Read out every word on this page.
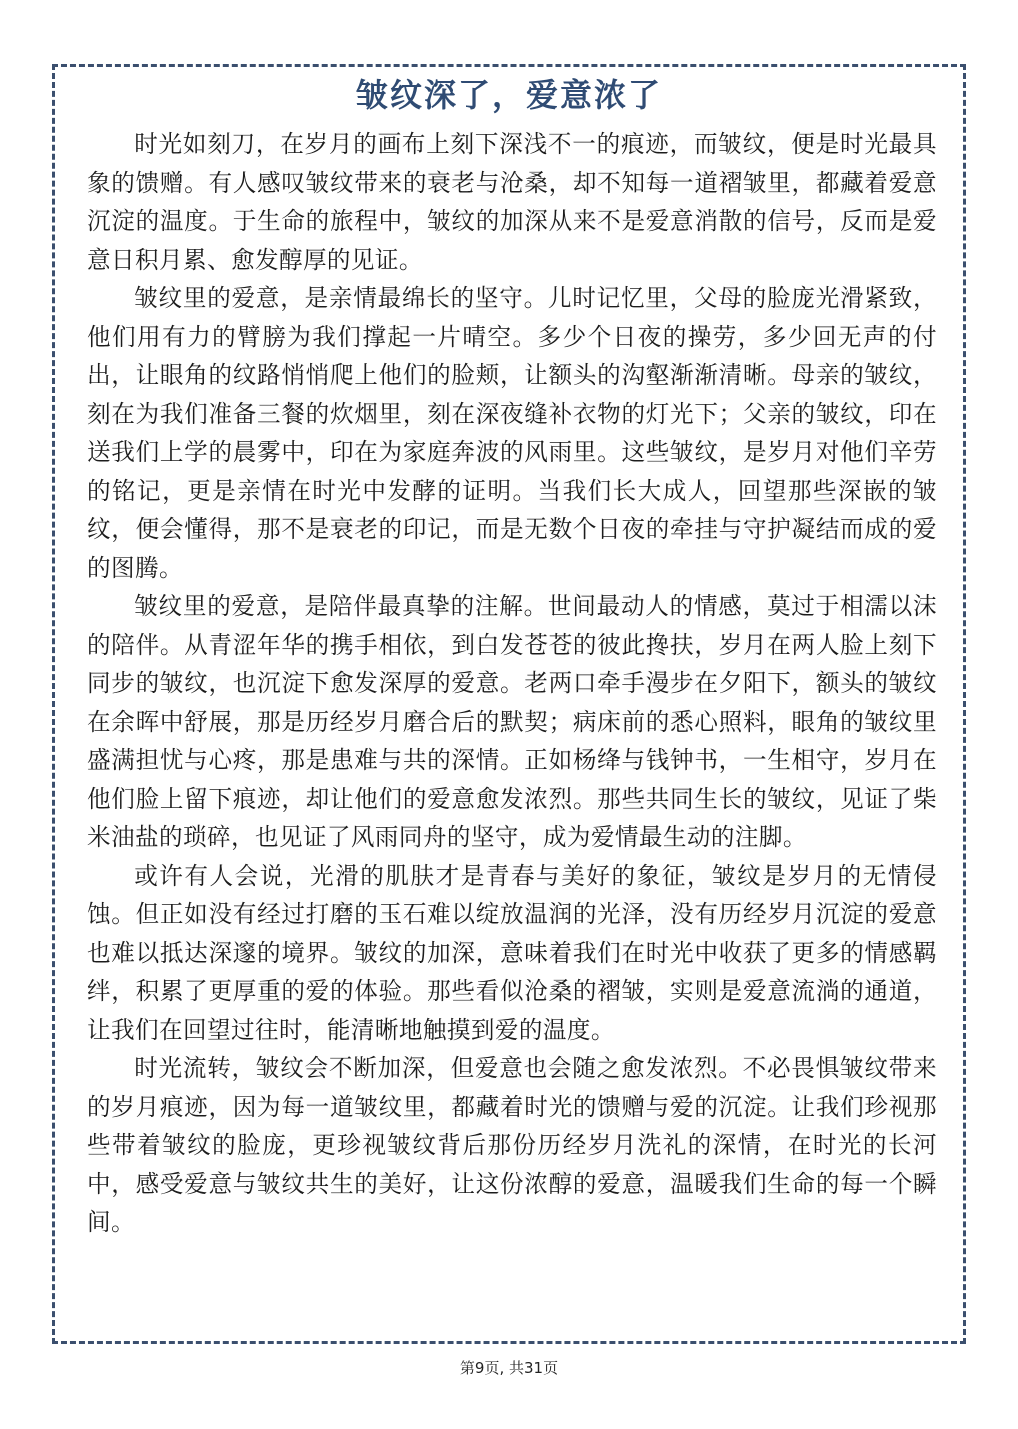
皱纹深了，爱意浓了

时光如刻刀，在岁月的画布上刻下深浅不一的痕迹，而皱纹，便是时光最具象的馈赠。有人感叹皱纹带来的衰老与沧桑，却不知每一道褶皱里，都藏着爱意沉淀的温度。于生命的旅程中，皱纹的加深从来不是爱意消散的信号，反而是爱意日积月累、愈发醇厚的见证。

皱纹里的爱意，是亲情最绵长的坚守。儿时记忆里，父母的脸庞光滑紧致，他们用有力的臂膀为我们撑起一片晴空。多少个日夜的操劳，多少回无声的付出，让眼角的纹路悄悄爬上他们的脸颊，让额头的沟壑渐渐清晰。母亲的皱纹，刻在为我们准备三餐的炊烟里，刻在深夜缝补衣物的灯光下；父亲的皱纹，印在送我们上学的晨雾中，印在为家庭奔波的风雨里。这些皱纹，是岁月对他们辛劳的铭记，更是亲情在时光中发酵的证明。当我们长大成人，回望那些深嵌的皱纹，便会懂得，那不是衰老的印记，而是无数个日夜的牵挂与守护凝结而成的爱的图腾。

皱纹里的爱意，是陪伴最真挚的注解。世间最动人的情感，莫过于相濡以沫的陪伴。从青涩年华的携手相依，到白发苍苍的彼此搀扶，岁月在两人脸上刻下同步的皱纹，也沉淀下愈发深厚的爱意。老两口牵手漫步在夕阳下，额头的皱纹在余晖中舒展，那是历经岁月磨合后的默契；病床前的悉心照料，眼角的皱纹里盛满担忧与心疼，那是患难与共的深情。正如杨绛与钱钟书，一生相守，岁月在他们脸上留下痕迹，却让他们的爱意愈发浓烈。那些共同生长的皱纹，见证了柴米油盐的琐碎，也见证了风雨同舟的坚守，成为爱情最生动的注脚。

或许有人会说，光滑的肌肤才是青春与美好的象征，皱纹是岁月的无情侵蚀。但正如没有经过打磨的玉石难以绽放温润的光泽，没有历经岁月沉淀的爱意也难以抵达深邃的境界。皱纹的加深，意味着我们在时光中收获了更多的情感羁绊，积累了更厚重的爱的体验。那些看似沧桑的褶皱，实则是爱意流淌的通道，让我们在回望过往时，能清晰地触摸到爱的温度。

时光流转，皱纹会不断加深，但爱意也会随之愈发浓烈。不必畏惧皱纹带来的岁月痕迹，因为每一道皱纹里，都藏着时光的馈赠与爱的沉淀。让我们珍视那些带着皱纹的脸庞，更珍视皱纹背后那份历经岁月洗礼的深情，在时光的长河中，感受爱意与皱纹共生的美好，让这份浓醇的爱意，温暖我们生命的每一个瞬间。

第9页, 共31页
